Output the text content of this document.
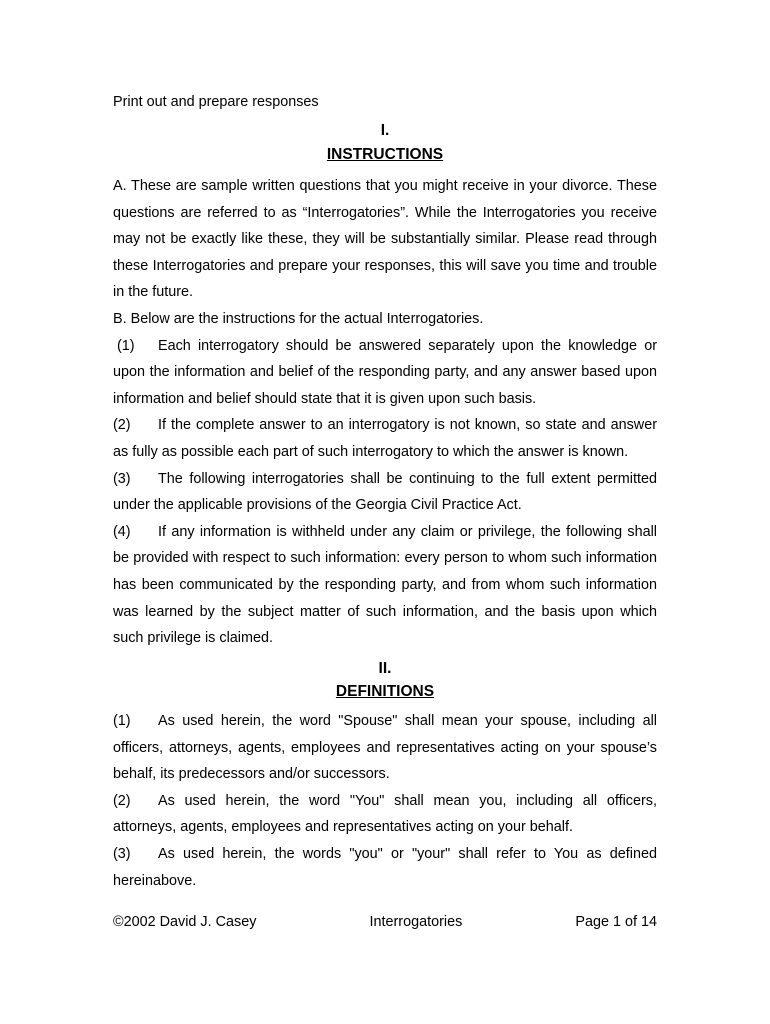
Print out and prepare responses
I.
INSTRUCTIONS

A. These are sample written questions that you might receive in your divorce. These questions are referred to as “Interrogatories”. While the Interrogatories you receive may not be exactly like these, they will be substantially similar. Please read through these Interrogatories and prepare your responses, this will save you time and trouble in the future.

B. Below are the instructions for the actual Interrogatories.

(1) Each interrogatory should be answered separately upon the knowledge or upon the information and belief of the responding party, and any answer based upon information and belief should state that it is given upon such basis.

(2) If the complete answer to an interrogatory is not known, so state and answer as fully as possible each part of such interrogatory to which the answer is known.

(3) The following interrogatories shall be continuing to the full extent permitted under the applicable provisions of the Georgia Civil Practice Act.

(4) If any information is withheld under any claim or privilege, the following shall be provided with respect to such information: every person to whom such information has been communicated by the responding party, and from whom such information was learned by the subject matter of such information, and the basis upon which such privilege is claimed.

II.
DEFINITIONS

(1) As used herein, the word "Spouse" shall mean your spouse, including all officers, attorneys, agents, employees and representatives acting on your spouse’s behalf, its predecessors and/or successors.

(2) As used herein, the word "You" shall mean you, including all officers, attorneys, agents, employees and representatives acting on your behalf.

(3) As used herein, the words "you" or "your" shall refer to You as defined hereinabove.

©2002 David J. Casey	Interrogatories	Page 1 of 14
